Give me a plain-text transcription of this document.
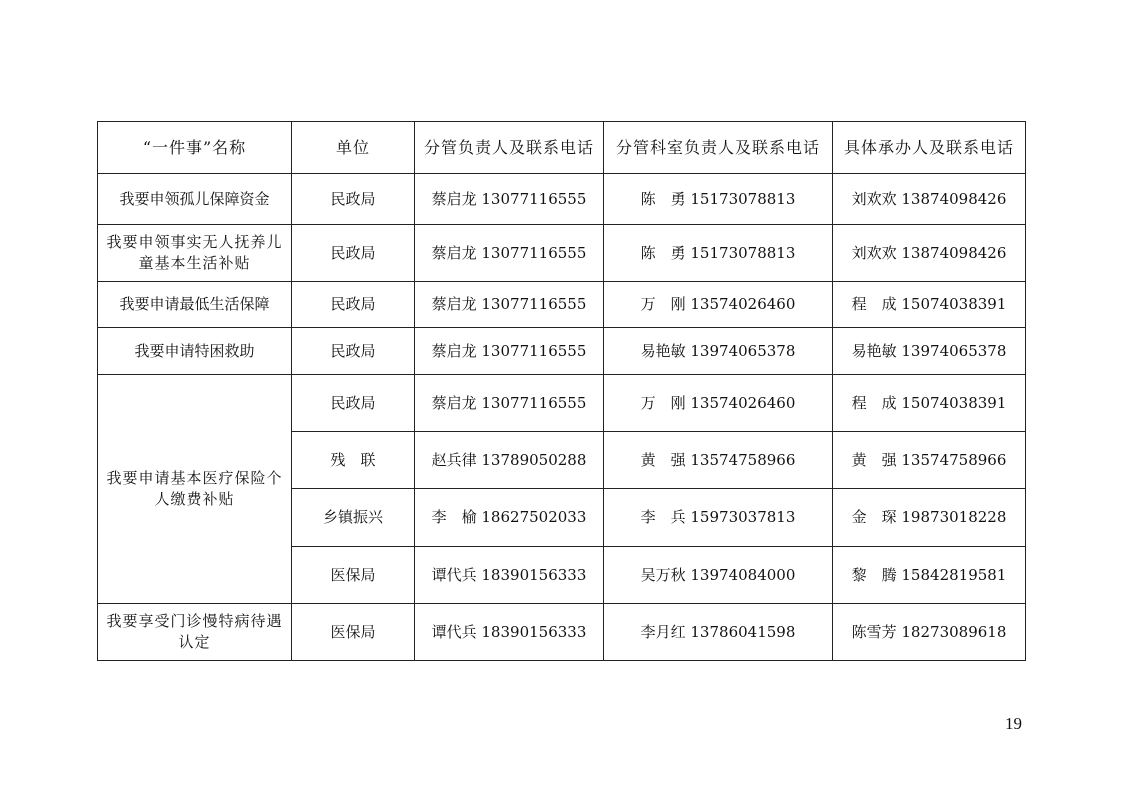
“一件事”名称	单位	分管负责人及联系电话	分管科室负责人及联系电话	具体承办人及联系电话
我要申领孤儿保障资金	民政局	蔡启龙 13077116555	陈　勇 15173078813	刘欢欢 13874098426
我要申领事实无人抚养儿童基本生活补贴	民政局	蔡启龙 13077116555	陈　勇 15173078813	刘欢欢 13874098426
我要申请最低生活保障	民政局	蔡启龙 13077116555	万　刚 13574026460	程　成 15074038391
我要申请特困救助	民政局	蔡启龙 13077116555	易艳敏 13974065378	易艳敏 13974065378
我要申请基本医疗保险个人缴费补贴	民政局	蔡启龙 13077116555	万　刚 13574026460	程　成 15074038391
	残　联	赵兵律 13789050288	黄　强 13574758966	黄　强 13574758966
	乡镇振兴	李　榆 18627502033	李　兵 15973037813	金　琛 19873018228
	医保局	谭代兵 18390156333	吴万秋 13974084000	黎　腾 15842819581
我要享受门诊慢特病待遇认定	医保局	谭代兵 18390156333	李月红 13786041598	陈雪芳 18273089618
19
